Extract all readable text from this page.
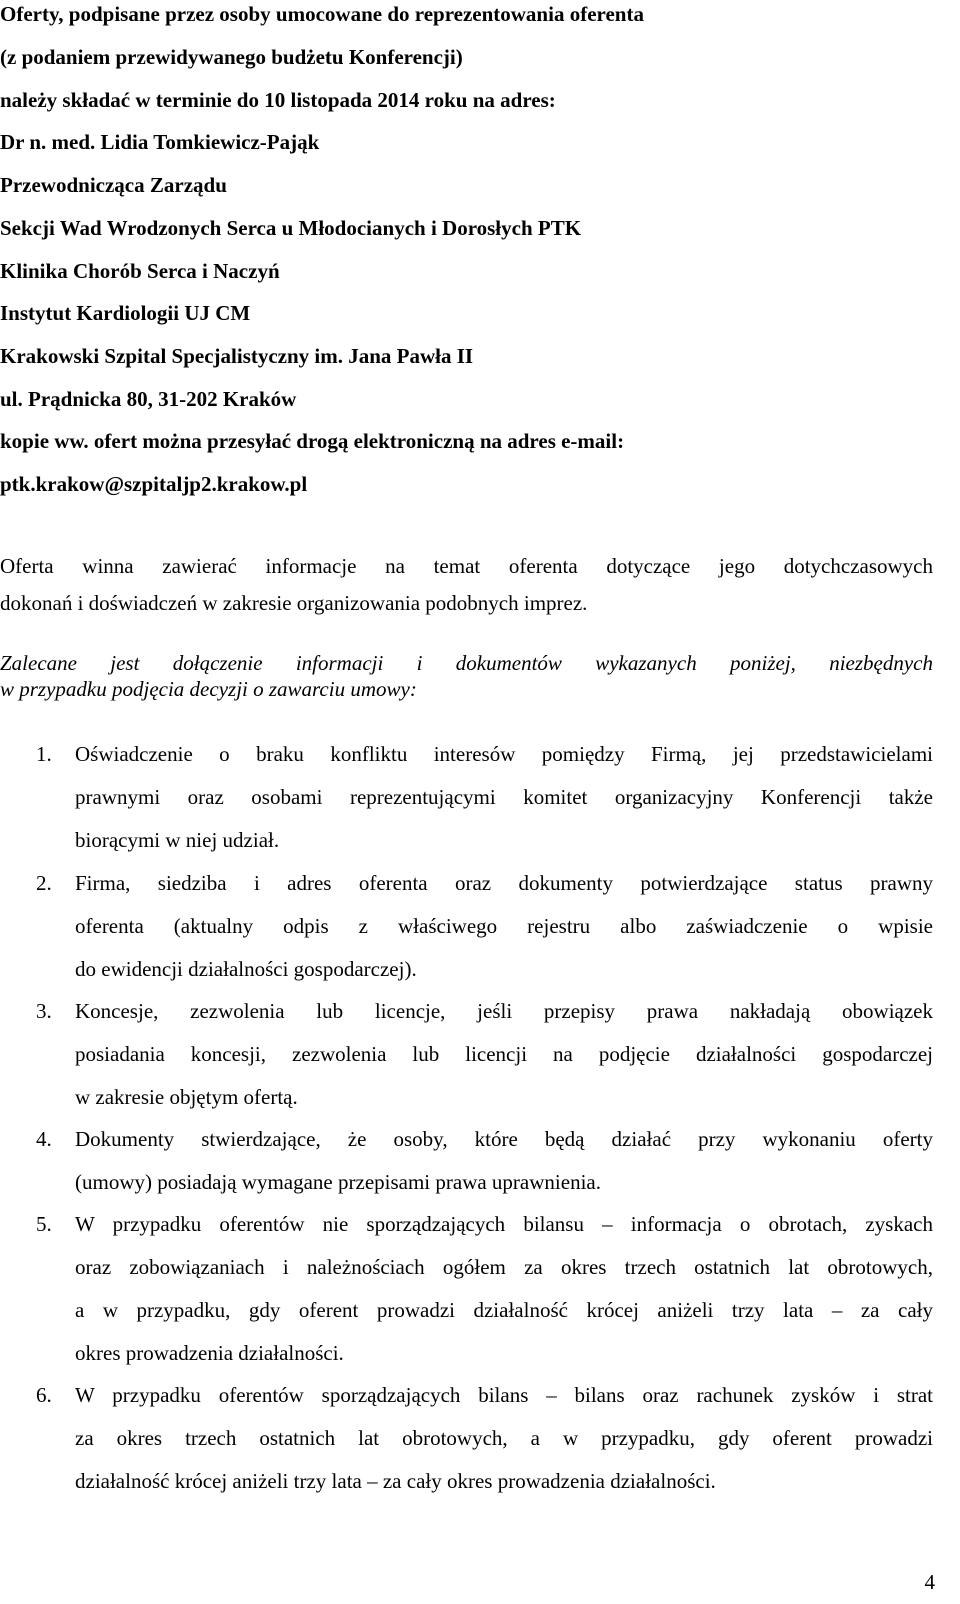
Oferty, podpisane przez osoby umocowane do reprezentowania oferenta
(z podaniem przewidywanego budżetu Konferencji)
należy składać w terminie do 10 listopada 2014 roku na adres:
Dr n. med. Lidia Tomkiewicz-Pająk
Przewodnicząca Zarządu
Sekcji Wad Wrodzonych Serca u Młodocianych i Dorosłych PTK
Klinika Chorób Serca i Naczyń
Instytut Kardiologii UJ CM
Krakowski Szpital Specjalistyczny im. Jana Pawła II
ul. Prądnicka 80, 31-202 Kraków
kopie ww. ofert można przesyłać drogą elektroniczną na adres e-mail:
ptk.krakow@szpitaljp2.krakow.pl
Oferta winna zawierać informacje na temat oferenta dotyczące jego dotychczasowych
dokonań i doświadczeń w zakresie organizowania podobnych imprez.
Zalecane jest dołączenie informacji i dokumentów wykazanych poniżej, niezbędnych
w przypadku podjęcia decyzji o zawarciu umowy:
1. Oświadczenie o braku konfliktu interesów pomiędzy Firmą, jej przedstawicielami
prawnymi oraz osobami reprezentującymi komitet organizacyjny Konferencji także
biorącymi w niej udział.
2. Firma, siedziba i adres oferenta oraz dokumenty potwierdzające status prawny
oferenta (aktualny odpis z właściwego rejestru albo zaświadczenie o wpisie
do ewidencji działalności gospodarczej).
3. Koncesje, zezwolenia lub licencje, jeśli przepisy prawa nakładają obowiązek
posiadania koncesji, zezwolenia lub licencji na podjęcie działalności gospodarczej
w zakresie objętym ofertą.
4. Dokumenty stwierdzające, że osoby, które będą działać przy wykonaniu oferty
(umowy) posiadają wymagane przepisami prawa uprawnienia.
5. W przypadku oferentów nie sporządzających bilansu – informacja o obrotach, zyskach
oraz zobowiązaniach i należnościach ogółem za okres trzech ostatnich lat obrotowych,
a w przypadku, gdy oferent prowadzi działalność krócej aniżeli trzy lata – za cały
okres prowadzenia działalności.
6. W przypadku oferentów sporządzających bilans – bilans oraz rachunek zysków i strat
za okres trzech ostatnich lat obrotowych, a w przypadku, gdy oferent prowadzi
działalność krócej aniżeli trzy lata – za cały okres prowadzenia działalności.
4
